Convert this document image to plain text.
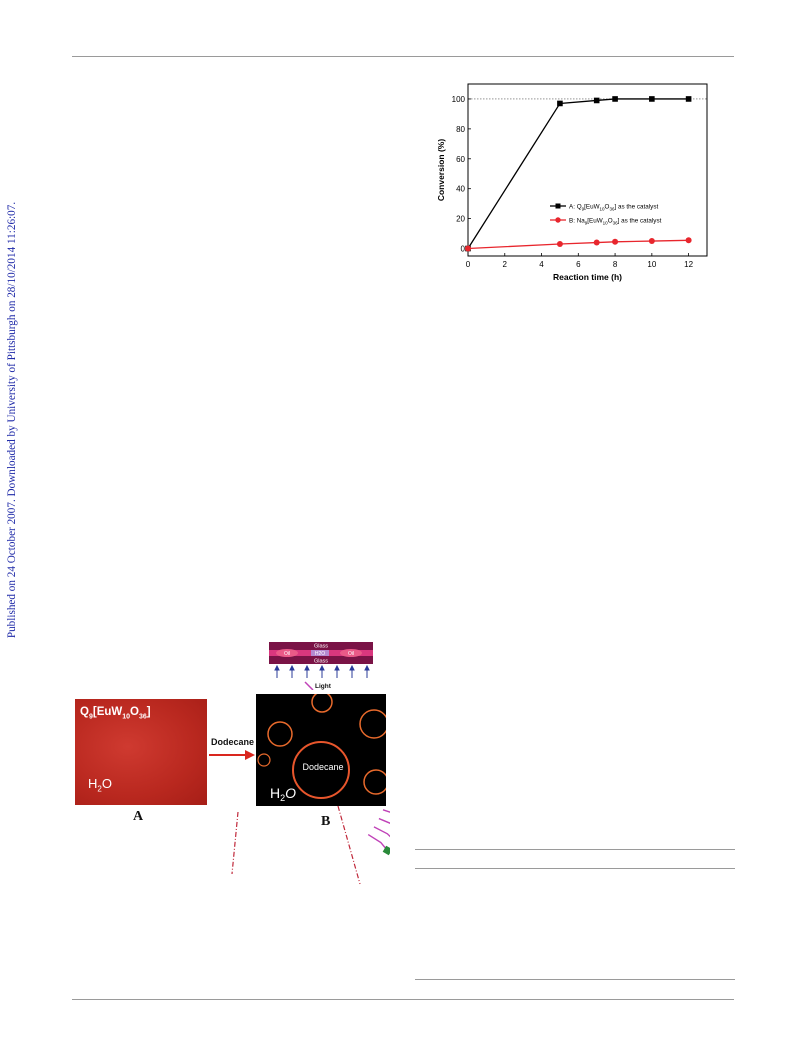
Published on 24 October 2007. Downloaded by University of Pittsburgh on 28/10/2014 11:26:07.	0	2	4	6	8	10	12
0
20
40
60
80
100
Reaction time (h)
Conversion (%)
A: $Q_9[EuW_{10}O_{36}]$ as the catalyst
B: $Na_9[EuW_{10}O_{36}]$ as the catalyst
Glass
Oil	H2O	Oil
Glass
Light
$Q_9[EuW_{10}O_{36}]$
$H_2O$
Dodecane
Dodecane
$H_2O$
A	B
